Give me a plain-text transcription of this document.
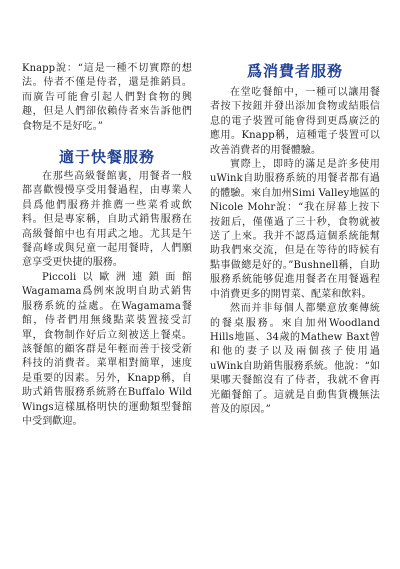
Knapp說：“這是一種不切實際的想法。侍者不僅是侍者，還是推銷員。而廣告可能會引起人們對食物的興趣，但是人們卻依賴侍者來告訴他們食物是不是好吃。”

適于快餐服務

在那些高級餐館裏，用餐者一般都喜歡慢慢享受用餐過程，由專業人員爲他們服務并推薦一些菜肴或飲料。但是專家稱，自助式銷售服務在高級餐館中也有用武之地。尤其是午餐高峰或與兒童一起用餐時，人們願意享受更快捷的服務。

Piccoli以歐洲連鎖面館Wagamama爲例來說明自助式銷售服務系統的益處。在Wagamama餐館，侍者們用無綫點菜裝置接受訂單，食物制作好后立刻被送上餐桌。該餐館的顧客群是年輕而善于接受新科技的消費者。菜單相對簡單，速度是重要的因素。另外，Knapp稱，自助式銷售服務系統將在Buffalo Wild Wings這樣風格明快的運動類型餐館中受到歡迎。

爲消費者服務

在堂吃餐館中，一種可以讓用餐者按下按鈕并發出添加食物或結賬信息的電子裝置可能會得到更爲廣泛的應用。Knapp稱，這種電子裝置可以改善消費者的用餐體驗。

實際上，即時的滿足是許多使用uWink自助服務系統的用餐者都有過的體驗。來自加州Simi Valley地區的Nicole Mohr說：“我在屏幕上按下按鈕后，僅僅過了三十秒，食物就被送了上來。我并不認爲這個系統能幫助我們來交流，但是在等待的時候有點事做總是好的。”Bushnell稱，自助服務系統能够促進用餐者在用餐過程中消費更多的開胃菜、配菜和飲料。

然而并非每個人都樂意放棄傳統的餐桌服務。來自加州Woodland Hills地區、34歲的Mathew Baxt曾和他的妻子以及兩個孩子使用過uWink自助銷售服務系統。他說：“如果哪天餐館沒有了侍者，我就不會再光顧餐館了。這就是自動售貨機無法普及的原因。”
